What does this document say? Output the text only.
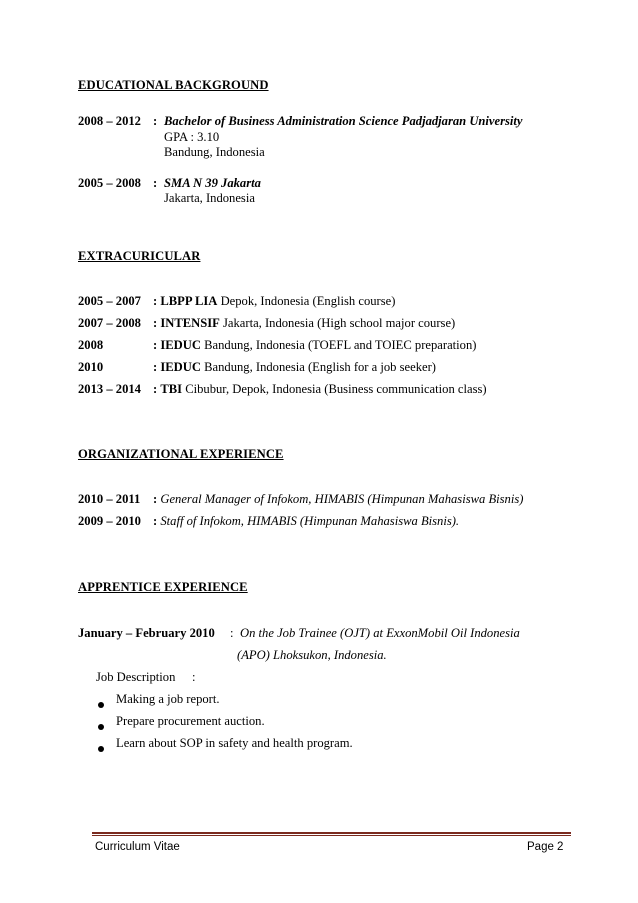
EDUCATIONAL BACKGROUND
2008 – 2012 : Bachelor of Business Administration Science Padjadjaran University
GPA : 3.10
Bandung, Indonesia
2005 – 2008 : SMA N 39 Jakarta
Jakarta, Indonesia
EXTRACURICULAR
2005 – 2007 : LBPP LIA Depok, Indonesia (English course)
2007 – 2008 : INTENSIF Jakarta, Indonesia (High school major course)
2008	: IEDUC Bandung, Indonesia (TOEFL and TOIEC preparation)
2010	: IEDUC Bandung, Indonesia (English for a job seeker)
2013 – 2014 : TBI Cibubur, Depok, Indonesia (Business communication class)
ORGANIZATIONAL EXPERIENCE
2010 – 2011 : General Manager of Infokom, HIMABIS (Himpunan Mahasiswa Bisnis)
2009 – 2010 : Staff of Infokom, HIMABIS (Himpunan Mahasiswa Bisnis).
APPRENTICE EXPERIENCE
January – February 2010 : On the Job Trainee (OJT) at ExxonMobil Oil Indonesia
(APO) Lhoksukon, Indonesia.
Job Description :
Making a job report.
Prepare procurement auction.
Learn about SOP in safety and health program.
Curriculum Vitae	Page 2
